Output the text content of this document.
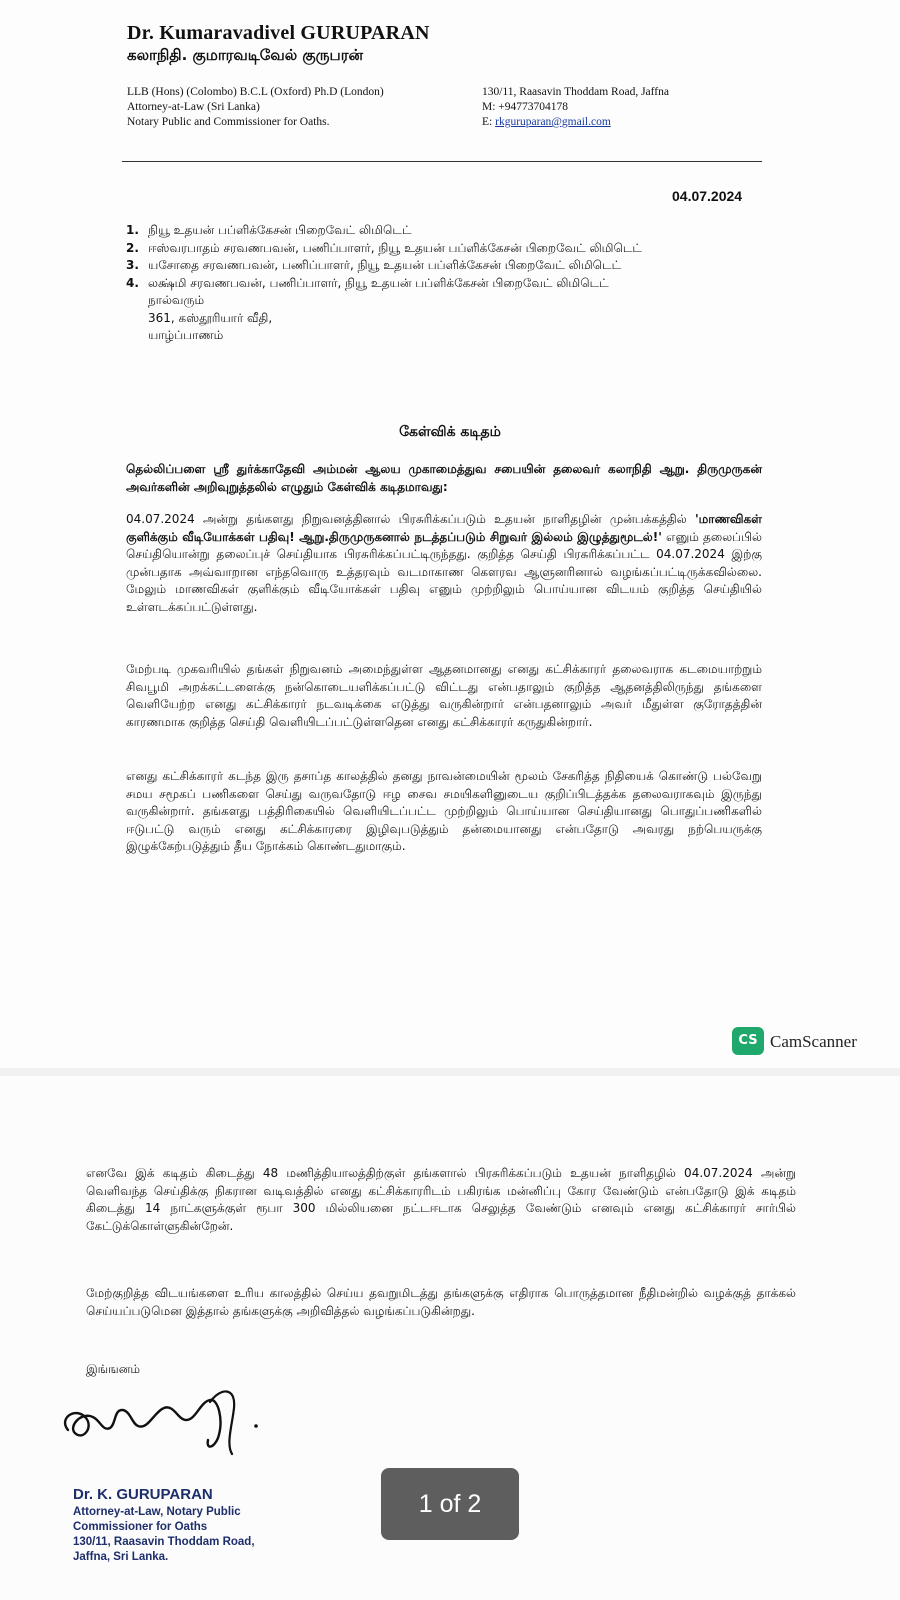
Dr. Kumaravadivel GURUPARAN
கலாநிதி. குமாரவடிவேல் குருபரன்
LLB (Hons) (Colombo) B.C.L (Oxford) Ph.D (London)
Attorney-at-Law (Sri Lanka)
Notary Public and Commissioner for Oaths.
130/11, Raasavin Thoddam Road, Jaffna
M: +94773704178
E: rkguruparan@gmail.com
04.07.2024
1. நியூ உதயன் பப்ளிக்கேசன் பிறைவேட் லிமிடெட்
2. ஈஸ்வரபாதம் சரவணபவன், பணிப்பாளர், நியூ உதயன் பப்ளிக்கேசன் பிறைவேட் லிமிடெட்
3. யசோதை சரவணபவன், பணிப்பாளர், நியூ உதயன் பப்ளிக்கேசன் பிறைவேட் லிமிடெட்
4. லக்ஷ்மி சரவணபவன், பணிப்பாளர், நியூ உதயன் பப்ளிக்கேசன் பிறைவேட் லிமிடெட்
நால்வரும்
361, கஸ்தூரியார் வீதி,
யாழ்ப்பாணம்
கேள்விக் கடிதம்
தெல்லிப்பளை ஸ்ரீ துர்க்காதேவி அம்மன் ஆலய முகாமைத்துவ சபையின் தலைவர் கலாநிதி ஆறு. திருமுருகன் அவர்களின் அறிவுறுத்தலில் எழுதும் கேள்விக் கடிதமாவது:
04.07.2024 அன்று தங்களது நிறுவனத்தினால் பிரசுரிக்கப்படும் உதயன் நாளிதழின் முன்பக்கத்தில் 'மாணவிகள் குளிக்கும் வீடியோக்கள் பதிவு! ஆறு.திருமுருகனால் நடத்தப்படும் சிறுவர் இல்லம் இழுத்துமூடல்!' எனும் தலைப்பில் செய்தியொன்று தலைப்புச் செய்தியாக பிரசுரிக்கப்பட்டிருந்தது. குறித்த செய்தி பிரசுரிக்கப்பட்ட 04.07.2024 இற்கு முன்பதாக அவ்வாறான எந்தவொரு உத்தரவும் வடமாகாண கௌரவ ஆளுனரினால் வழங்கப்பட்டிருக்கவில்லை. மேலும் மாணவிகள் குளிக்கும் வீடியோக்கள் பதிவு எனும் முற்றிலும் பொய்யான விடயம் குறித்த செய்தியில் உள்ளடக்கப்பட்டுள்ளது.
மேற்படி முகவரியில் தங்கள் நிறுவனம் அமைந்துள்ள ஆதனமானது எனது கட்சிக்காரர் தலைவராக கடமையாற்றும் சிவபூமி அறக்கட்டளைக்கு நன்கொடையளிக்கப்பட்டு விட்டது என்பதாலும் குறித்த ஆதனத்திலிருந்து தங்களை வெளியேற்ற எனது கட்சிக்காரர் நடவடிக்கை எடுத்து வருகின்றார் என்பதனாலும் அவர் மீதுள்ள குரோதத்தின் காரணமாக குறித்த செய்தி வெளியிடப்பட்டுள்ளதென எனது கட்சிக்காரர் கருதுகின்றார்.
எனது கட்சிக்காரர் கடந்த இரு தசாப்த காலத்தில் தனது நாவன்மையின் மூலம் சேகரித்த நிதியைக் கொண்டு பல்வேறு சமய சமூகப் பணிகளை செய்து வருவதோடு ஈழ சைவ சமயிகளினுடைய குறிப்பிடத்தக்க தலைவராகவும் இருந்து வருகின்றார். தங்களது பத்திரிகையில் வெளியிடப்பட்ட முற்றிலும் பொய்யான செய்தியானது பொதுப்பணிகளில் ஈடுபட்டு வரும் எனது கட்சிக்காரரை இழிவுபடுத்தும் தன்மையானது என்பதோடு அவரது நற்பெயருக்கு இழுக்கேற்படுத்தும் தீய நோக்கம் கொண்டதுமாகும்.
CS CamScanner
எனவே இக் கடிதம் கிடைத்து 48 மணித்தியாலத்திற்குள் தங்களால் பிரசுரிக்கப்படும் உதயன் நாளிதழில் 04.07.2024 அன்று வெளிவந்த செய்திக்கு நிகரான வடிவத்தில் எனது கட்சிக்காரரிடம் பகிரங்க மன்னிப்பு கோர வேண்டும் என்பதோடு இக் கடிதம் கிடைத்து 14 நாட்களுக்குள் ரூபா 300 மில்லியனை நட்டஈடாக செலுத்த வேண்டும் எனவும் எனது கட்சிக்காரர் சார்பில் கேட்டுக்கொள்ளுகின்றேன்.
மேற்குறித்த விடயங்களை உரிய காலத்தில் செய்ய தவறுமிடத்து தங்களுக்கு எதிராக பொருத்தமான நீதிமன்றில் வழக்குத் தாக்கல் செய்யப்படுமென இத்தால் தங்களுக்கு அறிவித்தல் வழங்கப்படுகின்றது.
இங்ஙனம்
Dr. K. GURUPARAN
Attorney-at-Law, Notary Public
Commissioner for Oaths
130/11, Raasavin Thoddam Road,
Jaffna, Sri Lanka.
1 of 2
